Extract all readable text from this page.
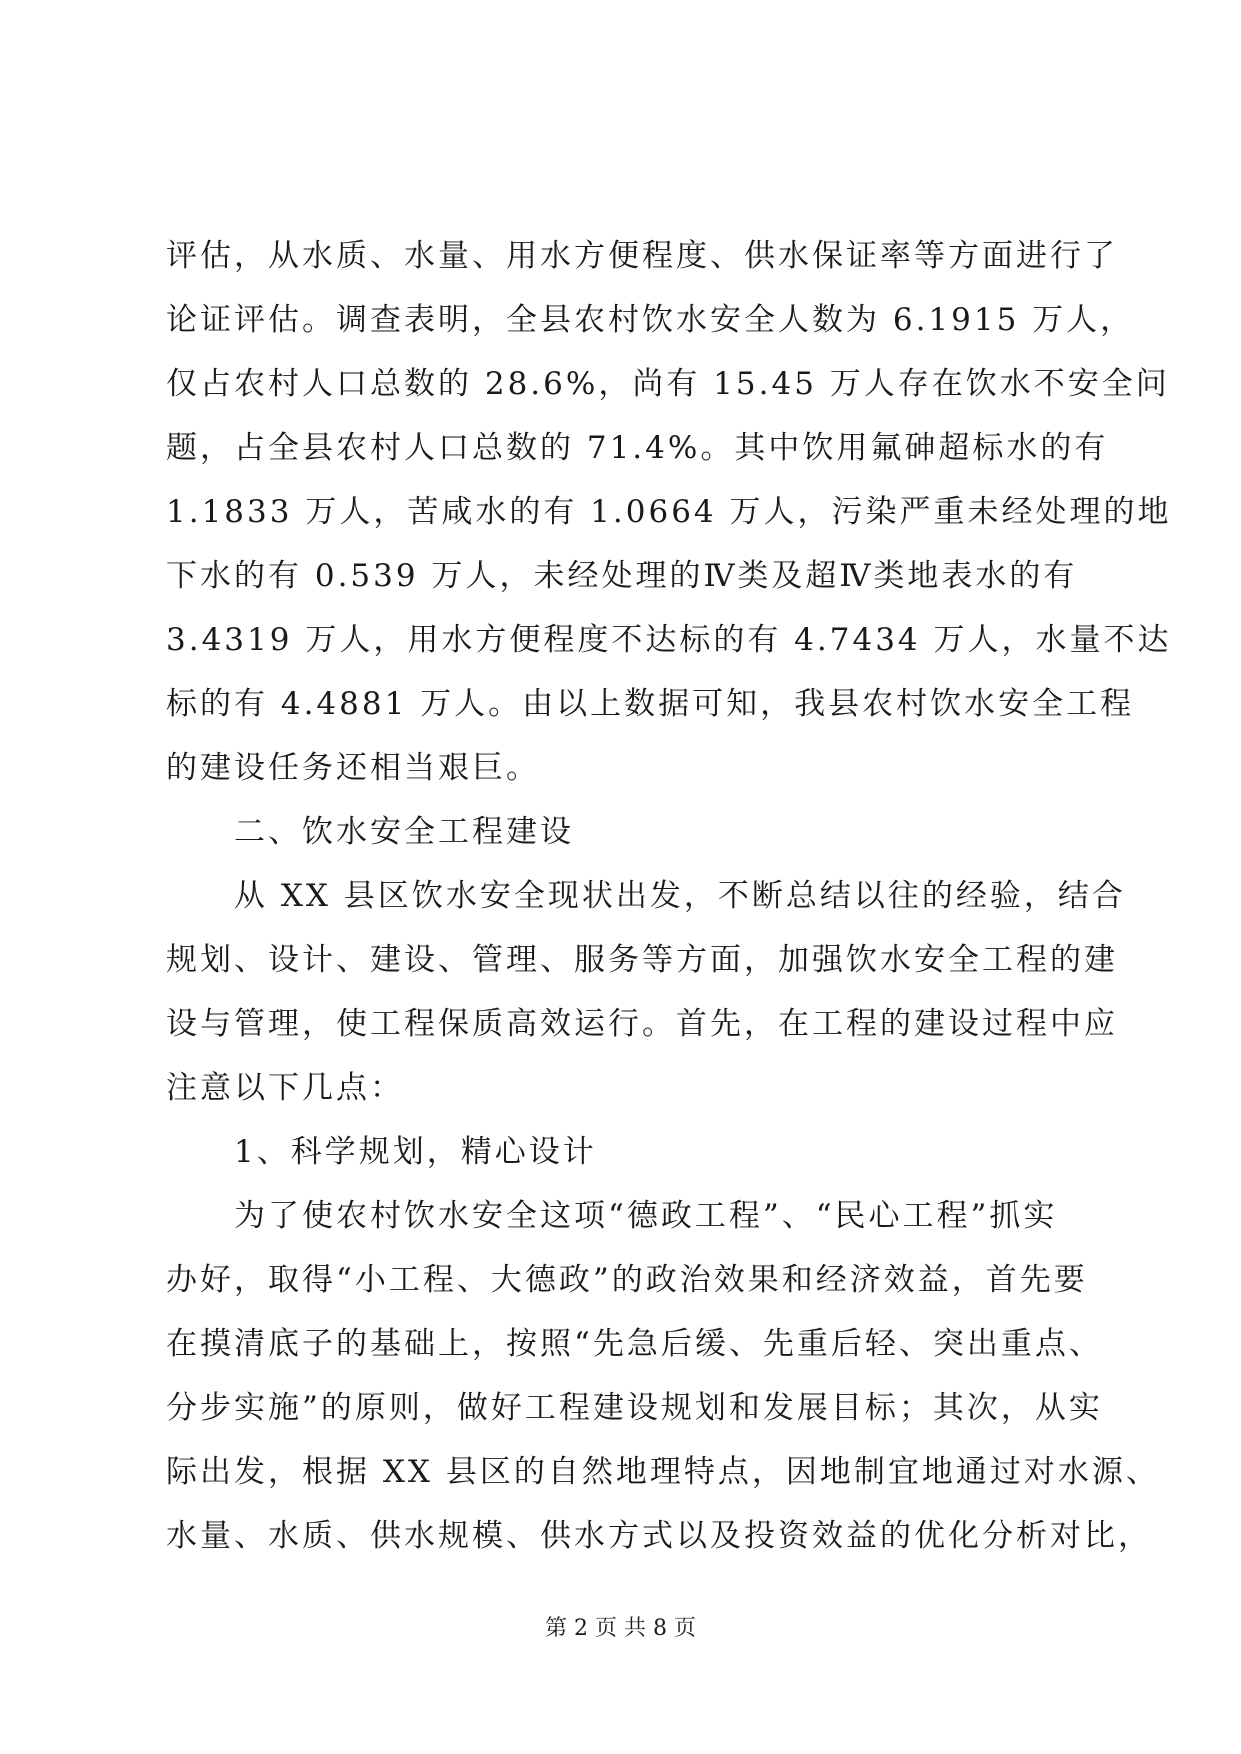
评估，从水质、水量、用水方便程度、供水保证率等方面进行了
论证评估。调查表明，全县农村饮水安全人数为 6.1915 万人，
仅占农村人口总数的 28.6%，尚有 15.45 万人存在饮水不安全问
题，占全县农村人口总数的 71.4%。其中饮用氟砷超标水的有
1.1833 万人，苦咸水的有 1.0664 万人，污染严重未经处理的地
下水的有 0.539 万人，未经处理的Ⅳ类及超Ⅳ类地表水的有
3.4319 万人，用水方便程度不达标的有 4.7434 万人，水量不达
标的有 4.4881 万人。由以上数据可知，我县农村饮水安全工程
的建设任务还相当艰巨。
二、饮水安全工程建设
从 XX 县区饮水安全现状出发，不断总结以往的经验，结合
规划、设计、建设、管理、服务等方面，加强饮水安全工程的建
设与管理，使工程保质高效运行。首先，在工程的建设过程中应
注意以下几点：
1、科学规划，精心设计
为了使农村饮水安全这项“德政工程”、“民心工程”抓实
办好，取得“小工程、大德政”的政治效果和经济效益，首先要
在摸清底子的基础上，按照“先急后缓、先重后轻、突出重点、
分步实施”的原则，做好工程建设规划和发展目标；其次，从实
际出发，根据 XX 县区的自然地理特点，因地制宜地通过对水源、
水量、水质、供水规模、供水方式以及投资效益的优化分析对比，
第 2 页 共 8 页
